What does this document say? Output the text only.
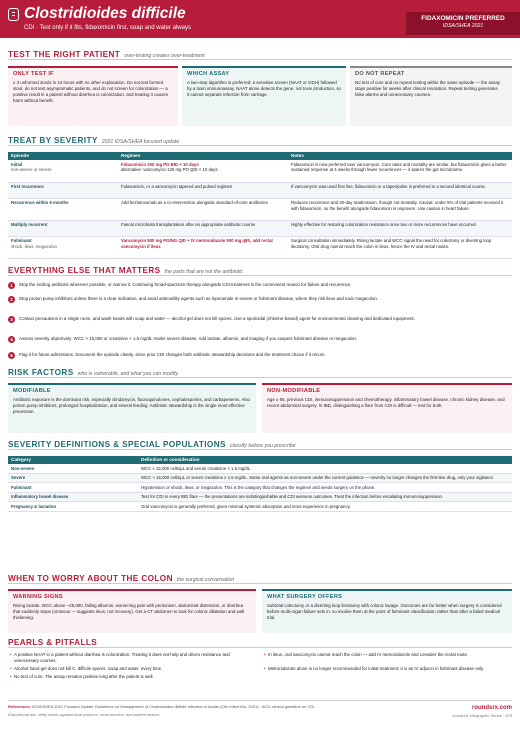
Clostridioides difficile
CDI · Test only if it fits, fidaxomicin first, soap and water always
FIDAXOMICIN PREFERRED
IDSA/SHEA 2021
TEST THE RIGHT PATIENT over-testing creates over-treatment
ONLY TEST IF

≥ 3 unformed stools in 24 hours with no other explanation. Do not test formed stool, do not test asymptomatic patients, and do not screen for colonization — a positive result in a patient without diarrhea is colonization, and treating it causes harm without benefit.

WHICH ASSAY

A two-step algorithm is preferred: a sensitive screen (NAAT or GDH) followed by a toxin immunoassay. NAAT alone detects the gene, not toxin production, so it cannot separate infection from carriage.

DO NOT REPEAT

No test of cure and no repeat testing within the same episode — the assay stays positive for weeks after clinical resolution. Repeat testing generates false alarms and unnecessary courses.

TREAT BY SEVERITY 2021 IDSA/SHEA focused update
Episode	Regimen	Notes
Initial
non-severe or severe	Fidaxomicin 200 mg PO BID × 10 days
alternative: vancomycin 125 mg PO QID × 10 days	Fidaxomicin is now preferred over vancomycin. Cure rates and mortality are similar, but fidaxomicin gives a better sustained response at 4 weeks through fewer recurrences — it spares the gut microbiome.
First recurrence	Fidaxomicin, or a vancomycin tapered and pulsed regimen	If vancomycin was used first line, fidaxomicin or a taper/pulse is preferred to a second identical course.
Recurrence within 6 months	Add bezlotoxumab as a co-intervention alongside standard-of-care antibiotics	Reduces recurrence and 30-day readmission, though not mortality. Caveat: under 5% of trial patients received it with fidaxomicin, so the benefit alongside fidaxomicin is unproven. Use caution in heart failure.
Multiply recurrent	Faecal microbiota transplantation after an appropriate antibiotic course	Highly effective for restoring colonization resistance once two or more recurrences have occurred.
Fulminant
shock, ileus, megacolon	Vancomycin 500 mg PO/NG QID + IV metronidazole 500 mg q8h, add rectal vancomycin if ileus	Surgical consultation immediately. Rising lactate and WCC signal the need for colectomy or diverting loop ileostomy. Oral drug cannot reach the colon in ileus, hence the IV and rectal routes.
EVERYTHING ELSE THAT MATTERS the parts that are not the antibiotic
1	Stop the inciting antibiotic wherever possible, or narrow it. Continuing broad-spectrum therapy alongside CDI treatment is the commonest reason for failure and recurrence.
2	Stop proton pump inhibitors unless there is a clear indication, and avoid antimotility agents such as loperamide in severe or fulminant disease, where they risk ileus and toxic megacolon.
3	Contact precautions in a single room, and wash hands with soap and water — alcohol gel does not kill spores. Use a sporicidal (chlorine-based) agent for environmental cleaning and dedicated equipment.
4	Assess severity objectively: WCC > 15,000 or creatinine > 1.5 mg/dL marks severe disease. Add lactate, albumin, and imaging if you suspect fulminant disease or megacolon.
5	Flag it for future admissions. Document the episode clearly, since prior CDI changes both antibiotic stewardship decisions and the treatment choice if it recurs.
RISK FACTORS who is vulnerable, and what you can modify
MODIFIABLE

Antibiotic exposure is the dominant risk, especially clindamycin, fluoroquinolones, cephalosporins, and carbapenems. Also proton pump inhibitors, prolonged hospitalization, and enteral feeding. Antibiotic stewardship is the single most effective prevention.

NON-MODIFIABLE

Age ≥ 65, previous CDI, immunosuppression and chemotherapy, inflammatory bowel disease, chronic kidney disease, and recent abdominal surgery. In IBD, distinguishing a flare from CDI is difficult — test for both.

SEVERITY DEFINITIONS & SPECIAL POPULATIONS classify before you prescribe
Category	Definition or consideration
Non-severe	WCC ≤ 15,000 cells/µL and serum creatinine < 1.5 mg/dL.
Severe	WCC > 15,000 cells/µL or serum creatinine ≥ 1.5 mg/dL. Same oral agents as non-severe under the current guidance — severity no longer changes the first-line drug, only your vigilance.
Fulminant	Hypotension or shock, ileus, or megacolon. This is the category that changes the regimen and needs surgery on the phone.
Inflammatory bowel disease	Test for CDI in every IBD flare — the presentations are indistinguishable and CDI worsens outcomes. Treat the infection before escalating immunosuppression.
Pregnancy & lactation	Oral vancomycin is generally preferred, given minimal systemic absorption and more experience in pregnancy.
WHEN TO WORRY ABOUT THE COLON the surgical conversation
WARNING SIGNS

Rising lactate, WCC above ~25,000, falling albumin, worsening pain with peritonism, abdominal distension, or diarrhea that suddenly stops (ominous — suggests ileus, not recovery). Get a CT abdomen to look for colonic dilatation and wall thickening.

WHAT SURGERY OFFERS

Subtotal colectomy or a diverting loop ileostomy with colonic lavage. Outcomes are far better when surgery is considered before multi-organ failure sets in, so involve them at the point of fulminant classification rather than after a failed medical trial.

PEARLS & PITFALLS
• A positive NAAT in a patient without diarrhea is colonization. Treating it does not help and drives resistance and unnecessary courses.
• Alcohol hand gel does not kill C. difficile spores. Soap and water, every time.
• No test of cure. The assay remains positive long after the patient is well.
• In ileus, oral vancomycin cannot reach the colon — add IV metronidazole and consider the rectal route.
• Metronidazole alone is no longer recommended for initial treatment; it is an IV adjunct in fulminant disease only.
References: IDSA/SHEA 2021 Focused Update Guidelines on Management of Clostridioides difficile Infection in Adults (Clin Infect Dis, 2021) · ACG clinical guideline on CDI.
Educational aid; verify doses against local protocol, renal function, and patient factors.
roundsrx.com
roundrx's Infographic Series · #75
